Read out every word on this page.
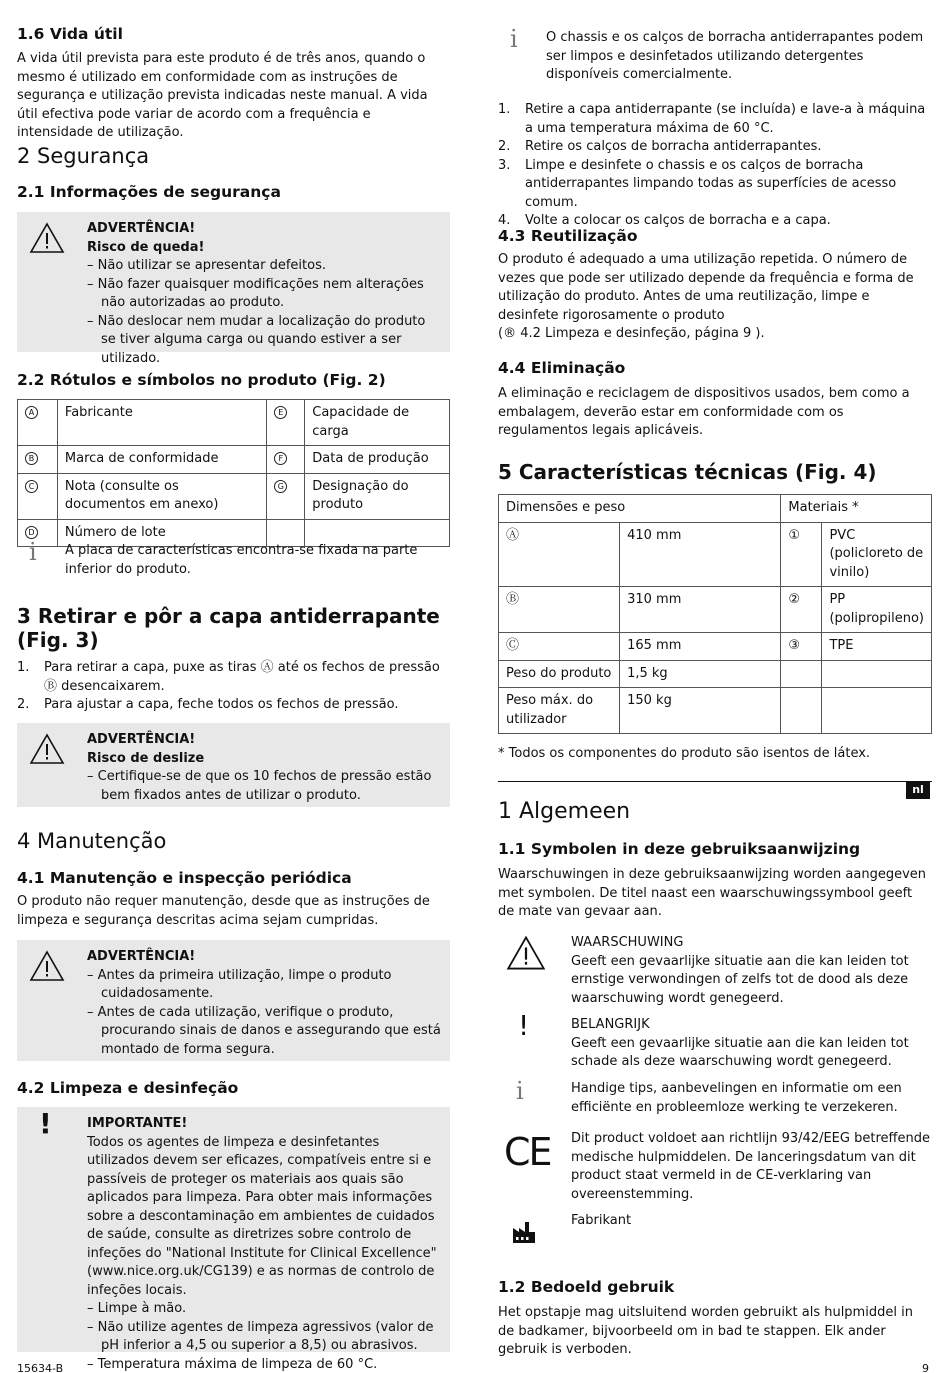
1.6 Vida útil

A vida útil prevista para este produto é de três anos, quando o mesmo é utilizado em conformidade com as instruções de segurança e utilização prevista indicadas neste manual. A vida útil efectiva pode variar de acordo com a frequência e intensidade de utilização.

2 Segurança
2.1 Informações de segurança
ADVERTÊNCIA!
Risco de queda!
– Não utilizar se apresentar defeitos.
– Não fazer quaisquer modificações nem alterações não autorizadas ao produto.
– Não deslocar nem mudar a localização do produto se tiver alguma carga ou quando estiver a ser utilizado.
2.2 Rótulos e símbolos no produto (Fig. 2)
A	Fabricante	E	Capacidade de carga
B	Marca de conformidade	F	Data de produção
C	Nota (consulte os documentos em anexo)	G	Designação do produto
D	Número de lote		
i A placa de características encontra-se fixada na parte inferior do produto.

3 Retirar e pôr a capa antiderrapante (Fig. 3)
1. Para retirar a capa, puxe as tiras Ⓐ até os fechos de pressão Ⓑ desencaixarem.
2. Para ajustar a capa, feche todos os fechos de pressão.
ADVERTÊNCIA!
Risco de deslize
– Certifique-se de que os 10 fechos de pressão estão bem fixados antes de utilizar o produto.
4 Manutenção
4.1 Manutenção e inspecção periódica

O produto não requer manutenção, desde que as instruções de limpeza e segurança descritas acima sejam cumpridas.

ADVERTÊNCIA!
– Antes da primeira utilização, limpe o produto cuidadosamente.
– Antes de cada utilização, verifique o produto, procurando sinais de danos e assegurando que está montado de forma segura.
4.2 Limpeza e desinfeção
!	IMPORTANTE!
Todos os agentes de limpeza e desinfetantes utilizados devem ser eficazes, compatíveis entre si e passíveis de proteger os materiais aos quais são aplicados para limpeza. Para obter mais informações sobre a descontaminação em ambientes de cuidados de saúde, consulte as diretrizes sobre controlo de infeções do "National Institute for Clinical Excellence" (www.nice.org.uk/CG139) e as normas de controlo de infeções locais.
– Limpe à mão.
– Não utilize agentes de limpeza agressivos (valor de pH inferior a 4,5 ou superior a 8,5) ou abrasivos.
– Temperatura máxima de limpeza de 60 °C.
i O chassis e os calços de borracha antiderrapantes podem ser limpos e desinfetados utilizando detergentes disponíveis comercialmente.

1. Retire a capa antiderrapante (se incluída) e lave-a à máquina a uma temperatura máxima de 60 °C.
2. Retire os calços de borracha antiderrapantes.
3. Limpe e desinfete o chassis e os calços de borracha antiderrapantes limpando todas as superfícies de acesso comum.
4. Volte a colocar os calços de borracha e a capa.
4.3 Reutilização

O produto é adequado a uma utilização repetida. O número de vezes que pode ser utilizado depende da frequência e forma de utilização do produto. Antes de uma reutilização, limpe e desinfete rigorosamente o produto

(® 4.2 Limpeza e desinfeção, página 9 ).

4.4 Eliminação

A eliminação e reciclagem de dispositivos usados, bem como a embalagem, deverão estar em conformidade com os regulamentos legais aplicáveis.

5 Características técnicas (Fig. 4)
Dimensões e peso		Materiais *	
Ⓐ	410 mm	①	PVC (policloreto de vinilo)
Ⓑ	310 mm	②	PP (polipropileno)
Ⓒ	165 mm	③	TPE
Peso do produto	1,5 kg		
Peso máx. do utilizador	150 kg		

* Todos os componentes do produto são isentos de látex.

nl
1 Algemeen
1.1 Symbolen in deze gebruiksaanwijzing

Waarschuwingen in deze gebruiksaanwijzing worden aangegeven met symbolen. De titel naast een waarschuwingssymbool geeft de mate van gevaar aan.

WAARSCHUWING
Geeft een gevaarlijke situatie aan die kan leiden tot ernstige verwondingen of zelfs tot de dood als deze waarschuwing wordt genegeerd.
!	BELANGRIJK
Geeft een gevaarlijke situatie aan die kan leiden tot schade als deze waarschuwing wordt genegeerd.
i	Handige tips, aanbevelingen en informatie om een efficiënte en probleemloze werking te verzekeren.
CE Dit product voldoet aan richtlijn 93/42/EEG betreffende medische hulpmiddelen. De lanceringsdatum van dit product staat vermeld in de CE-verklaring van overeenstemming.
Fabrikant
1.2 Bedoeld gebruik

Het opstapje mag uitsluitend worden gebruikt als hulpmiddel in de badkamer, bijvoorbeeld om in bad te stappen. Elk ander gebruik is verboden.

15634-B	9
